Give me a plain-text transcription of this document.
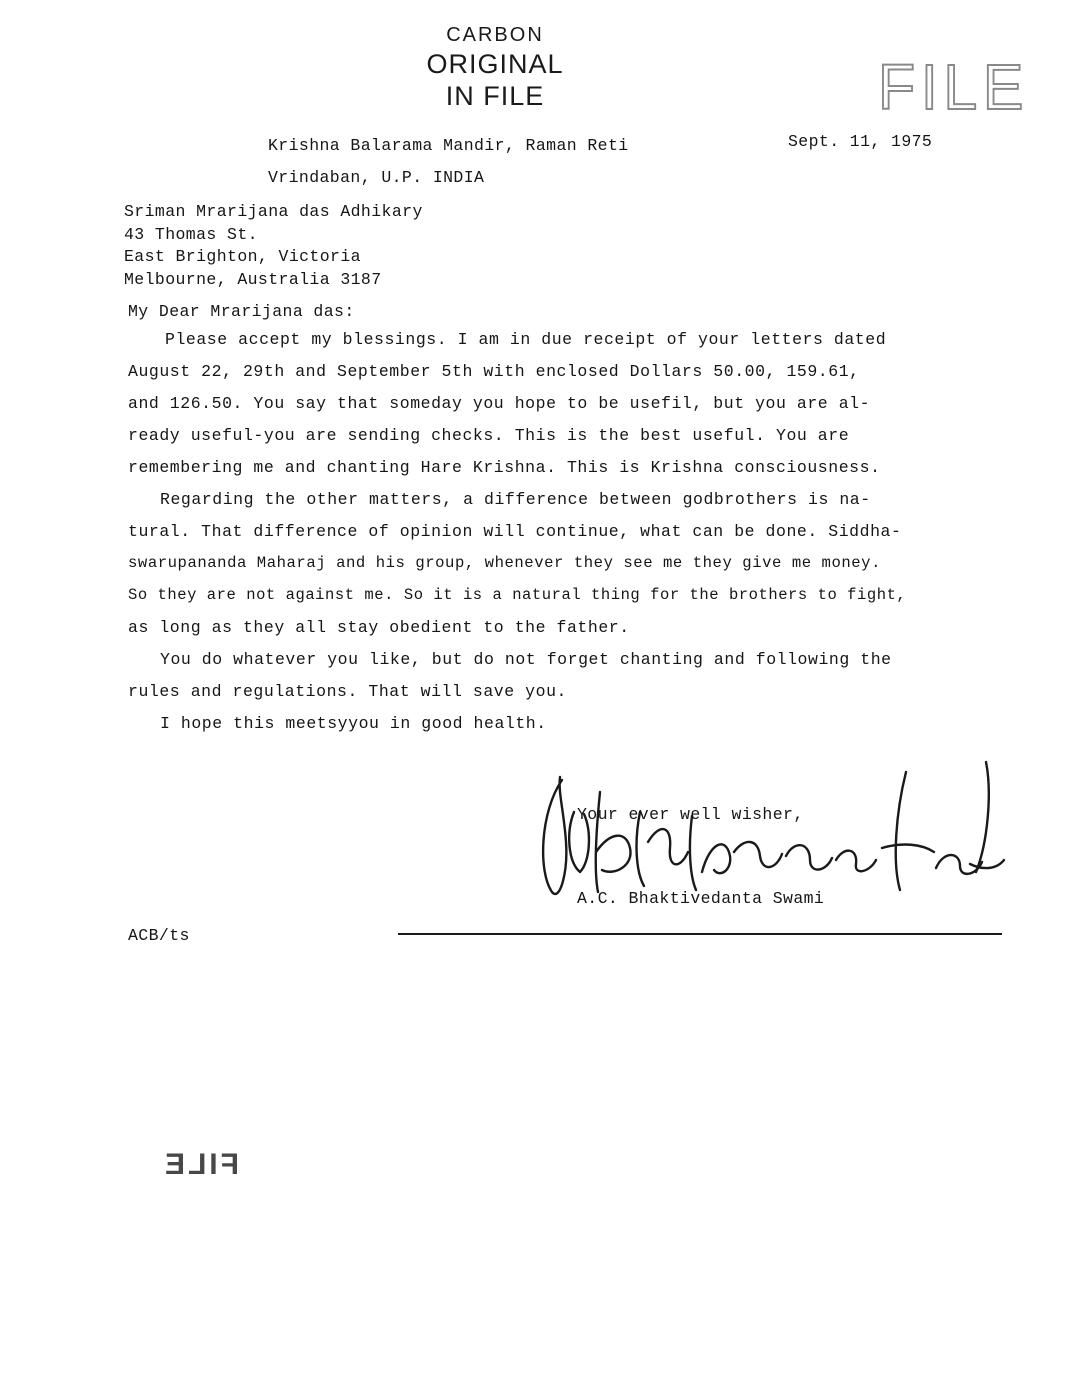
CARBON
ORIGINAL
IN FILE	FILE
Krishna Balarama Mandir, Raman Reti
Vrindaban, U.P. INDIA
Sept. 11, 1975
Sriman Mrarijana das Adhikary
43 Thomas St.
East Brighton, Victoria
Melbourne, Australia 3187
My Dear Mrarijana das:
Please accept my blessings. I am in due receipt of your letters dated
August 22, 29th and September 5th with enclosed Dollars 50.00, 159.61,
and 126.50. You say that someday you hope to be usefil, but you are al-
ready useful-you are sending checks. This is the best useful. You are
remembering me and chanting Hare Krishna. This is Krishna consciousness.
Regarding the other matters, a difference between godbrothers is na-
tural. That difference of opinion will continue, what can be done. Siddha-
swarupananda Maharaj and his group, whenever they see me they give me money.
So they are not against me. So it is a natural thing for the brothers to fight,
as long as they all stay obedient to the father.
You do whatever you like, but do not forget chanting and following the
rules and regulations. That will save you.
I hope this meetsyyou in good health.
Your ever well wisher,
A.C. Bhaktivedanta Swami
ACB/ts
FILE
